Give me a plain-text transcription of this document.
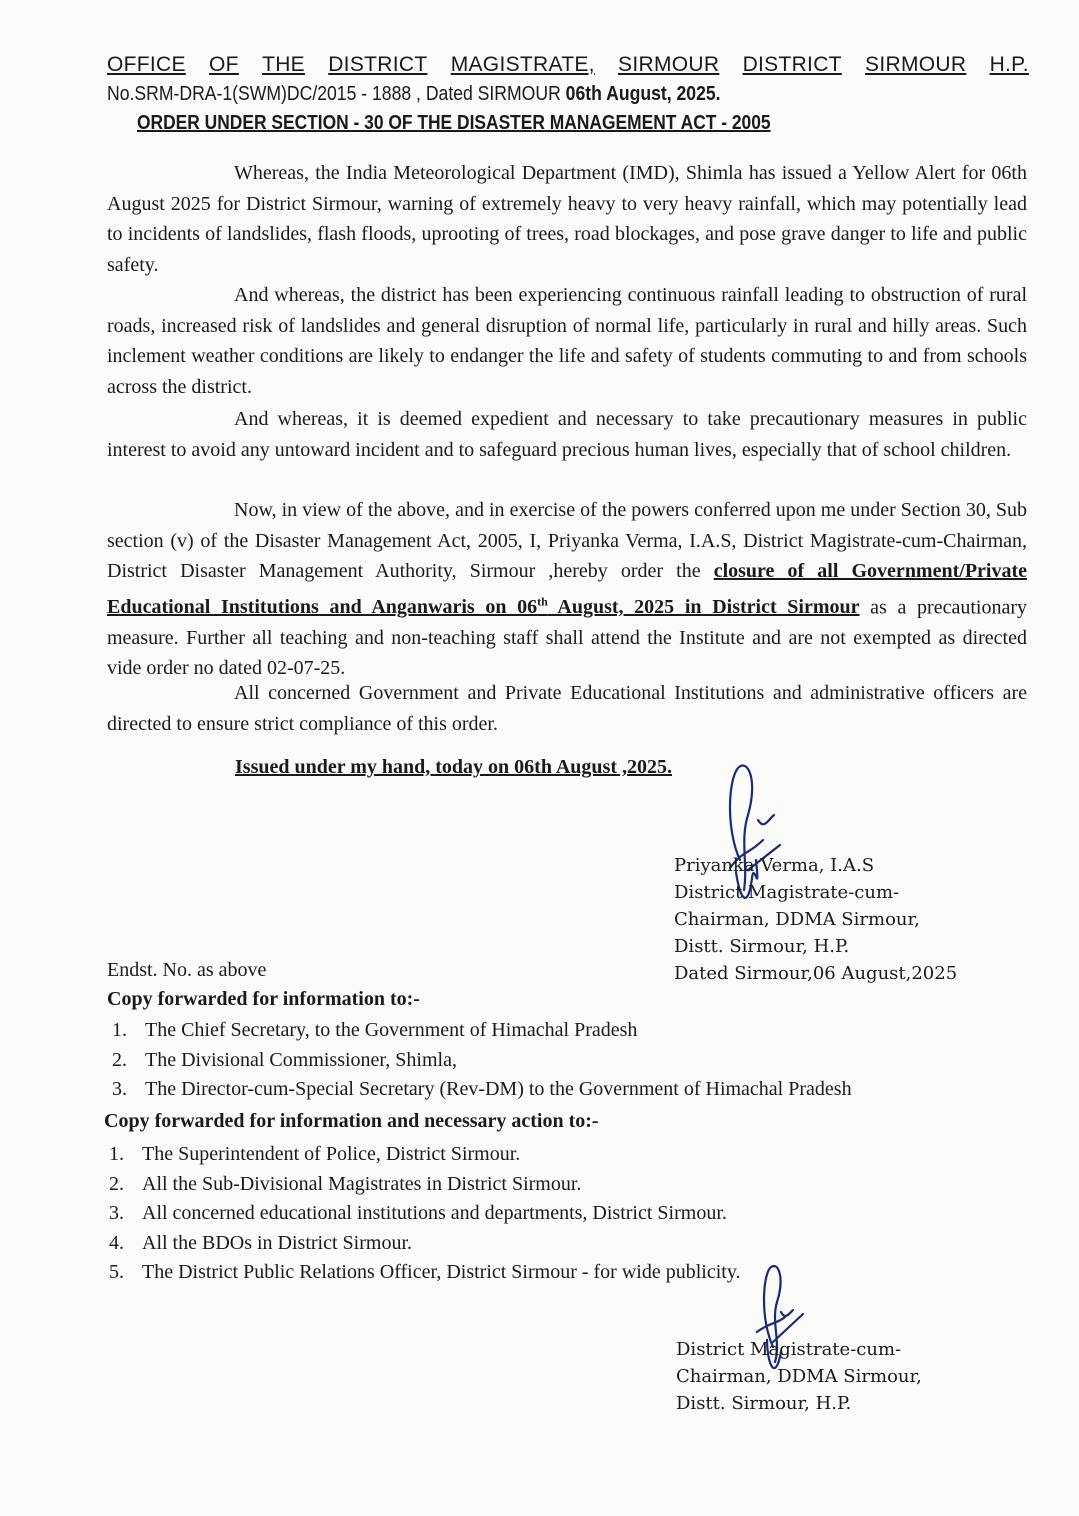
OFFICE OF THE DISTRICT MAGISTRATE, SIRMOUR DISTRICT SIRMOUR H.P.
No.SRM-DRA-1(SWM)DC/2015 - 1888 , Dated SIRMOUR 06th August, 2025.
ORDER UNDER SECTION - 30 OF THE DISASTER MANAGEMENT ACT - 2005

Whereas, the India Meteorological Department (IMD), Shimla has issued a Yellow Alert for 06th August 2025 for District Sirmour, warning of extremely heavy to very heavy rainfall, which may potentially lead to incidents of landslides, flash floods, uprooting of trees, road blockages, and pose grave danger to life and public safety.

And whereas, the district has been experiencing continuous rainfall leading to obstruction of rural roads, increased risk of landslides and general disruption of normal life, particularly in rural and hilly areas. Such inclement weather conditions are likely to endanger the life and safety of students commuting to and from schools across the district.

And whereas, it is deemed expedient and necessary to take precautionary measures in public interest to avoid any untoward incident and to safeguard precious human lives, especially that of school children.

Now, in view of the above, and in exercise of the powers conferred upon me under Section 30, Sub section (v) of the Disaster Management Act, 2005, I, Priyanka Verma, I.A.S, District Magistrate-cum-Chairman, District Disaster Management Authority, Sirmour ,hereby order the closure of all Government/Private Educational Institutions and Anganwaris on 06th August, 2025 in District Sirmour as a precautionary measure. Further all teaching and non-teaching staff shall attend the Institute and are not exempted as directed vide order no dated 02-07-25.

All concerned Government and Private Educational Institutions and administrative officers are directed to ensure strict compliance of this order.

Issued under my hand, today on 06th August ,2025.
Priyanka Verma, I.A.S
District Magistrate-cum-
Chairman, DDMA Sirmour,
Distt. Sirmour, H.P.
Dated Sirmour,06 August,2025
Endst. No. as above
Copy forwarded for information to:-
1. The Chief Secretary, to the Government of Himachal Pradesh
2. The Divisional Commissioner, Shimla,
3. The Director-cum-Special Secretary (Rev-DM) to the Government of Himachal Pradesh
Copy forwarded for information and necessary action to:-
1. The Superintendent of Police, District Sirmour.
2. All the Sub-Divisional Magistrates in District Sirmour.
3. All concerned educational institutions and departments, District Sirmour.
4. All the BDOs in District Sirmour.
5. The District Public Relations Officer, District Sirmour - for wide publicity.
District Magistrate-cum-
Chairman, DDMA Sirmour,
Distt. Sirmour, H.P.
